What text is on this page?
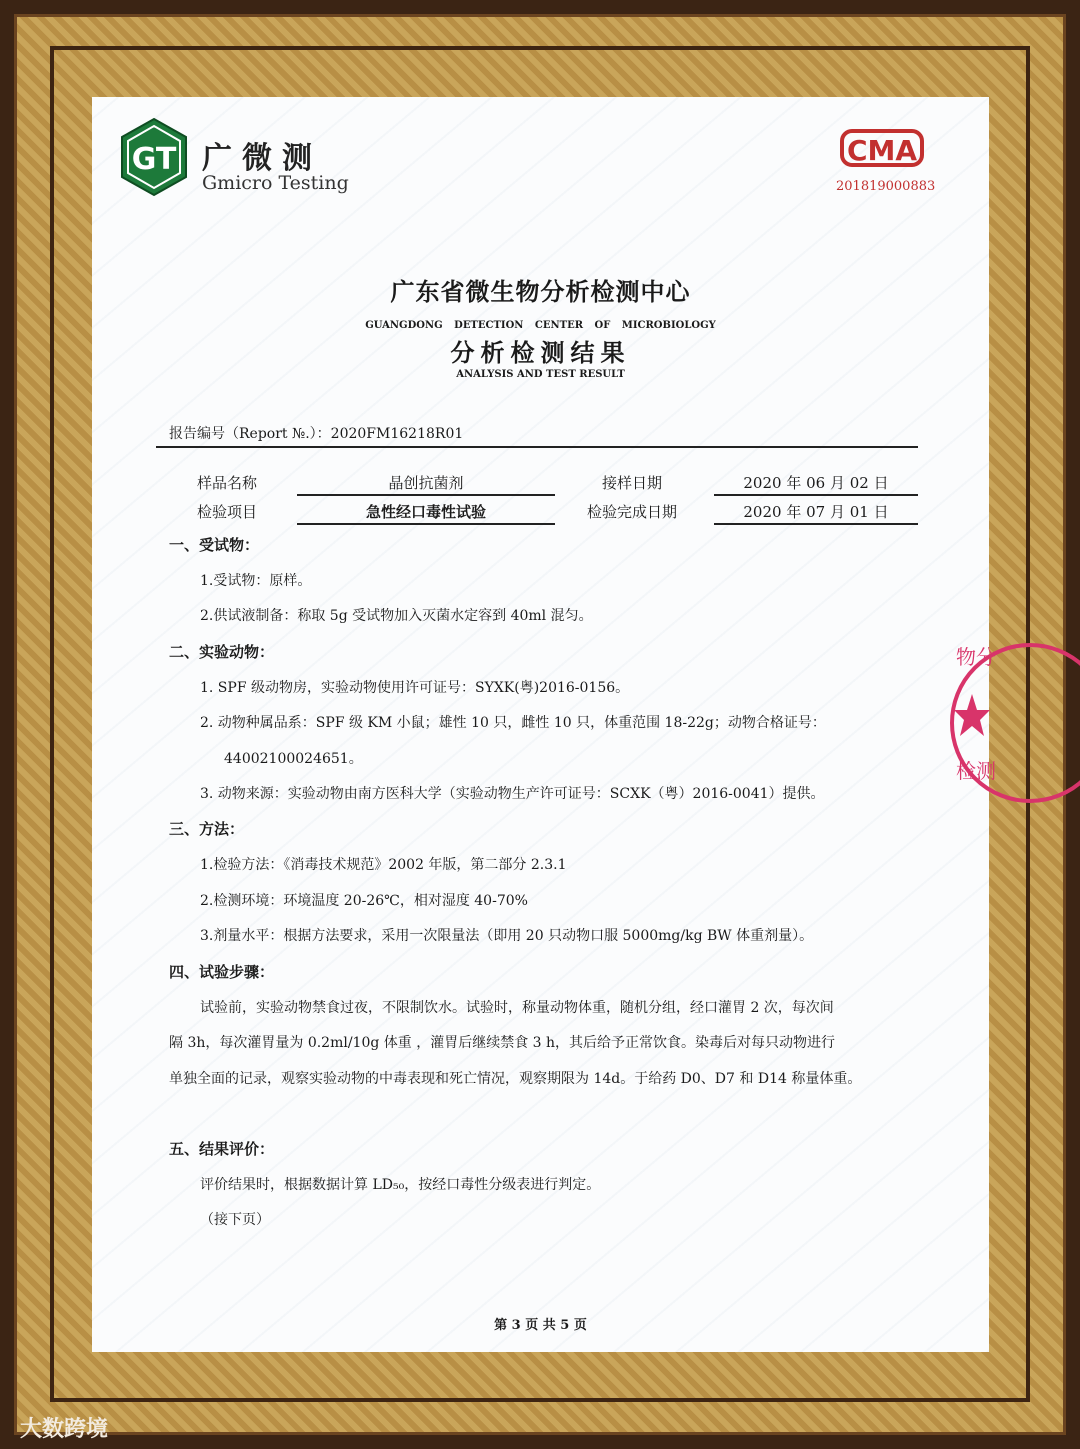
GT 广微测
Gmicro Testing
CMA
201819000883
广东省微生物分析检测中心
GUANGDONG DETECTION CENTER OF MICROBIOLOGY
分析检测结果
ANALYSIS AND TEST RESULT
报告编号（Report №.）：2020FM16218R01
样品名称	晶创抗菌剂	接样日期	2020 年 06 月 02 日
检验项目	急性经口毒性试验	检验完成日期	2020 年 07 月 01 日
一、受试物：
1.受试物：原样。
2.供试液制备：称取 5g 受试物加入灭菌水定容到 40ml 混匀。
二、实验动物：
1. SPF 级动物房，实验动物使用许可证号：SYXK(粤)2016-0156。
2. 动物种属品系：SPF 级 KM 小鼠；雄性 10 只，雌性 10 只，体重范围 18-22g；动物合格证号：
44002100024651。
3. 动物来源：实验动物由南方医科大学（实验动物生产许可证号：SCXK（粤）2016-0041）提供。
三、方法：
1.检验方法：《消毒技术规范》2002 年版，第二部分 2.3.1
2.检测环境：环境温度 20-26℃，相对湿度 40-70%
3.剂量水平：根据方法要求，采用一次限量法（即用 20 只动物口服 5000mg/kg BW 体重剂量）。
四、试验步骤：
试验前，实验动物禁食过夜，不限制饮水。试验时，称量动物体重，随机分组，经口灌胃 2 次，每次间
隔 3h，每次灌胃量为 0.2ml/10g 体重 ，灌胃后继续禁食 3 h，其后给予正常饮食。染毒后对每只动物进行
单独全面的记录，观察实验动物的中毒表现和死亡情况，观察期限为 14d。于给药 D0、D7 和 D14 称量体重。
五、结果评价：
评价结果时，根据数据计算 LD₅₀，按经口毒性分级表进行判定。
（接下页）
第 3 页 共 5 页
物分
检测
大数跨境
